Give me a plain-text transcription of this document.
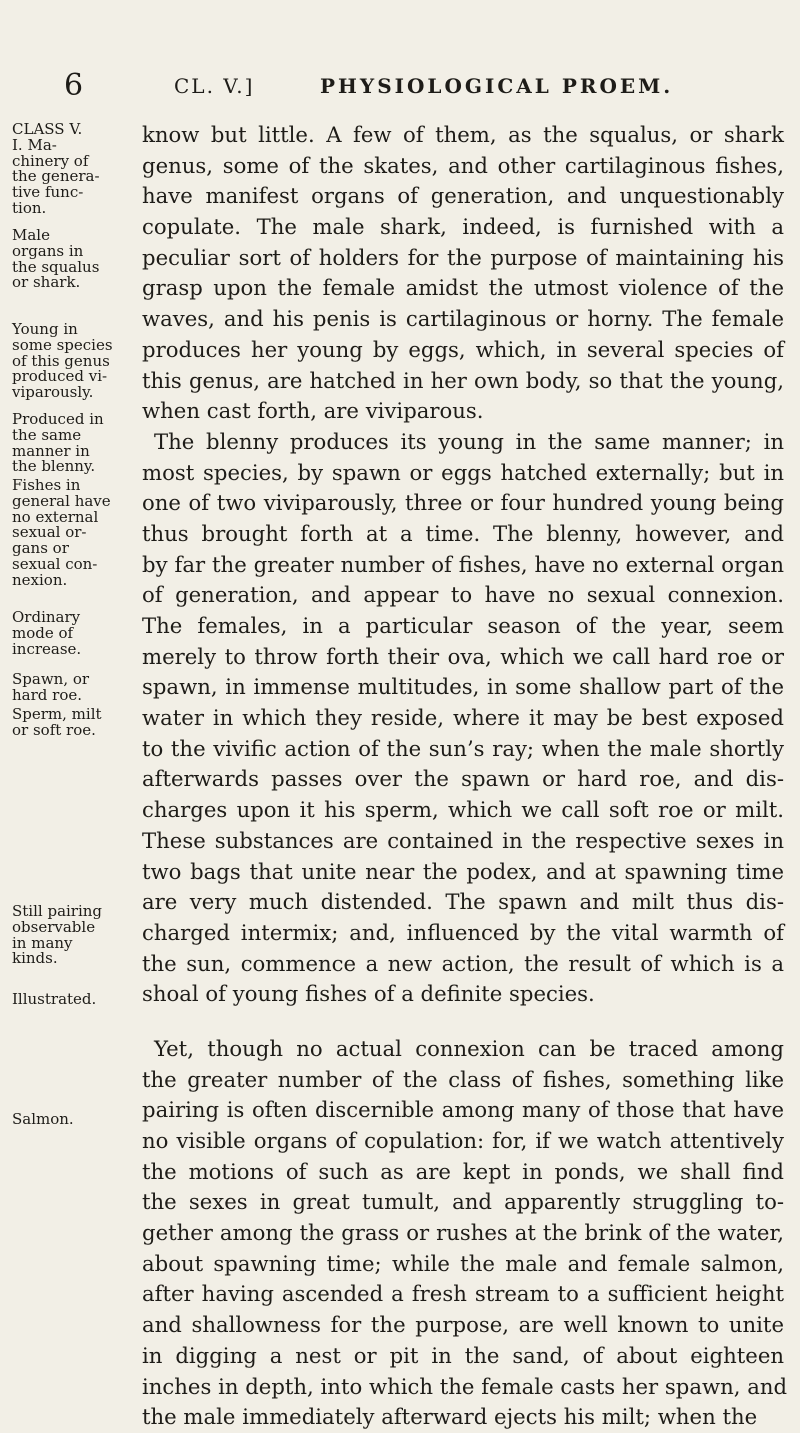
6	CL. V.]	PHYSIOLOGICAL PROEM.
CLASS V.
I. Ma-
chinery of
the genera-
tive func-
tion.
Male
organs in
the squalus
or shark.
Young in
some species
of this genus
produced vi-
viparously.
Produced in
the same
manner in
the blenny.
Fishes in
general have
no external
sexual or-
gans or
sexual con-
nexion.
Ordinary
mode of
increase.
Spawn, or
hard roe.
Sperm, milt
or soft roe.
Still pairing
observable
in many
kinds.
Illustrated.
Salmon.
know but little. A few of them, as the squalus, or shark
genus, some of the skates, and other cartilaginous fishes,
have manifest organs of generation, and unquestionably
copulate. The male shark, indeed, is furnished with a
peculiar sort of holders for the purpose of maintaining his
grasp upon the female amidst the utmost violence of the
waves, and his penis is cartilaginous or horny. The female
produces her young by eggs, which, in several species of
this genus, are hatched in her own body, so that the young,
when cast forth, are viviparous.
The blenny produces its young in the same manner; in
most species, by spawn or eggs hatched externally; but in
one of two viviparously, three or four hundred young being
thus brought forth at a time. The blenny, however, and
by far the greater number of fishes, have no external organ
of generation, and appear to have no sexual connexion.
The females, in a particular season of the year, seem
merely to throw forth their ova, which we call hard roe or
spawn, in immense multitudes, in some shallow part of the
water in which they reside, where it may be best exposed
to the vivific action of the sun’s ray; when the male shortly
afterwards passes over the spawn or hard roe, and dis-
charges upon it his sperm, which we call soft roe or milt.
These substances are contained in the respective sexes in
two bags that unite near the podex, and at spawning time
are very much distended. The spawn and milt thus dis-
charged intermix; and, influenced by the vital warmth of
the sun, commence a new action, the result of which is a
shoal of young fishes of a definite species.
Yet, though no actual connexion can be traced among
the greater number of the class of fishes, something like
pairing is often discernible among many of those that have
no visible organs of copulation: for, if we watch attentively
the motions of such as are kept in ponds, we shall find
the sexes in great tumult, and apparently struggling to-
gether among the grass or rushes at the brink of the water,
about spawning time; while the male and female salmon,
after having ascended a fresh stream to a sufficient height
and shallowness for the purpose, are well known to unite
in digging a nest or pit in the sand, of about eighteen
inches in depth, into which the female casts her spawn, and
the male immediately afterward ejects his milt; when the
